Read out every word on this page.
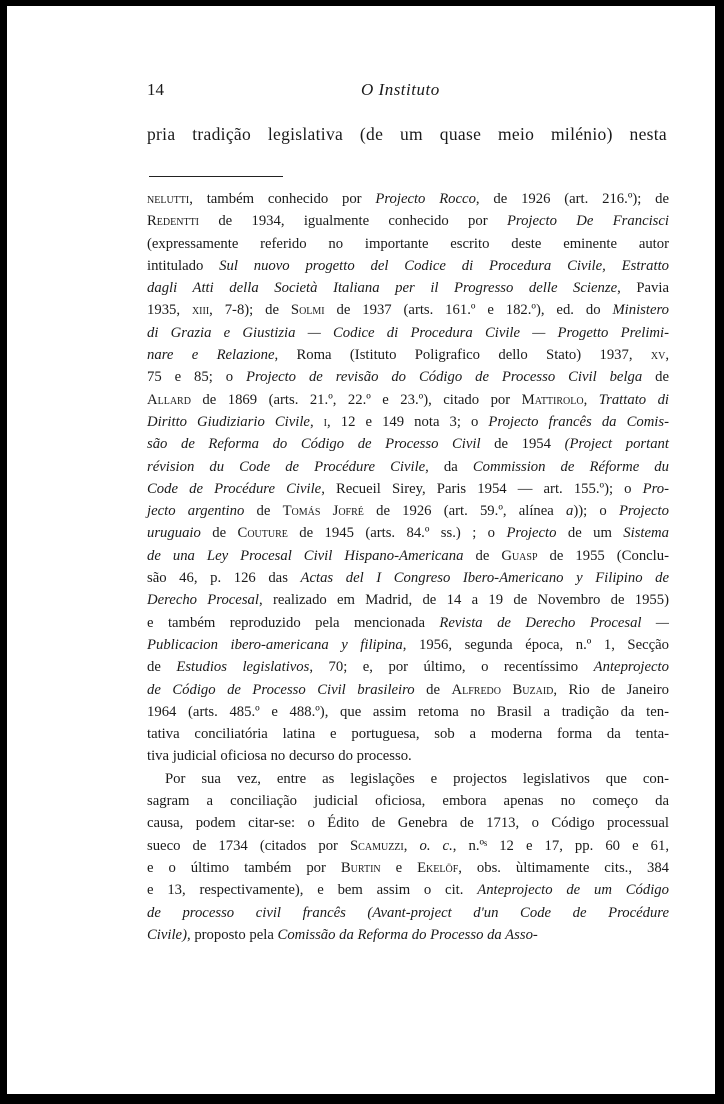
14	O Instituto
pria tradição legislativa (de um quase meio milénio) nesta
nelutti, também conhecido por Projecto Rocco, de 1926 (art. 216.º); de
Redentti de 1934, igualmente conhecido por Projecto De Francisci
(expressamente referido no importante escrito deste eminente autor
intitulado Sul nuovo progetto del Codice di Procedura Civile, Estratto
dagli Atti della Società Italiana per il Progresso delle Scienze, Pavia
1935, xiii, 7-8); de Solmi de 1937 (arts. 161.º e 182.º), ed. do Ministero
di Grazia e Giustizia — Codice di Procedura Civile — Progetto Prelimi-
nare e Relazione, Roma (Istituto Poligrafico dello Stato) 1937, xv,
75 e 85; o Projecto de revisão do Código de Processo Civil belga de
Allard de 1869 (arts. 21.º, 22.º e 23.º), citado por Mattirolo, Trattato di
Diritto Giudiziario Civile, i, 12 e 149 nota 3; o Projecto francês da Comis-
são de Reforma do Código de Processo Civil de 1954 (Project portant
révision du Code de Procédure Civile, da Commission de Réforme du
Code de Procédure Civile, Recueil Sirey, Paris 1954 — art. 155.º); o Pro-
jecto argentino de Tomás Jofré de 1926 (art. 59.º, alínea a)); o Projecto
uruguaio de Couture de 1945 (arts. 84.º ss.) ; o Projecto de um Sistema
de una Ley Procesal Civil Hispano-Americana de Guasp de 1955 (Conclu-
são 46, p. 126 das Actas del I Congreso Ibero-Americano y Filipino de
Derecho Procesal, realizado em Madrid, de 14 a 19 de Novembro de 1955)
e também reproduzido pela mencionada Revista de Derecho Procesal —
Publicacion ibero-americana y filipina, 1956, segunda época, n.º 1, Secção
de Estudios legislativos, 70; e, por último, o recentíssimo Anteprojecto
de Código de Processo Civil brasileiro de Alfredo Buzaid, Rio de Janeiro
1964 (arts. 485.º e 488.º), que assim retoma no Brasil a tradição da ten-
tativa conciliatória latina e portuguesa, sob a moderna forma da tenta-
tiva judicial oficiosa no decurso do processo.
Por sua vez, entre as legislações e projectos legislativos que con-
sagram a conciliação judicial oficiosa, embora apenas no começo da
causa, podem citar-se: o Édito de Genebra de 1713, o Código processual
sueco de 1734 (citados por Scamuzzi, o. c., n.ºˢ 12 e 17, pp. 60 e 61,
e o último também por Burtin e Ekelöf, obs. ùltimamente cits., 384
e 13, respectivamente), e bem assim o cit. Anteprojecto de um Código
de processo civil francês (Avant-project d'un Code de Procédure
Civile), proposto pela Comissão da Reforma do Processo da Asso-
